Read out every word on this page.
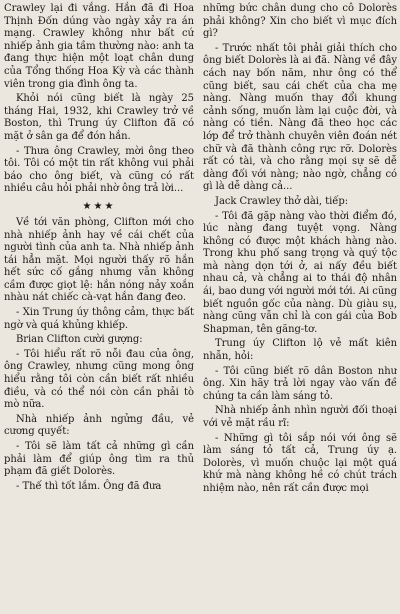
Crawley lại đi vắng. Hắn đã đi Hoa Thịnh Đốn dúng vào ngày xảy ra án mạng. Crawley không như bất cứ nhiếp ảnh gia tầm thường nào: anh ta đang thực hiện một loạt chân dung của Tổng thống Hoa Kỳ và các thành viên trong gia đình ông ta.

Khỏi nói cũng biết là ngày 25 tháng Hai, 1932, khi Crawley trở về Boston, thì Trung úy Clifton đã có mặt ở sân ga để đón hắn.

- Thưa ông Crawley, mời ông theo tôi. Tôi có một tin rất không vui phải báo cho ông biết, và cũng có rất nhiều câu hỏi phải nhờ ông trả lời...

★★★

Về tới văn phòng, Clifton mới cho nhà nhiếp ảnh hay về cái chết của người tình của anh ta. Nhà nhiếp ảnh tái hẳn mặt. Mọi người thấy rõ hắn hết sức cố gắng nhưng vẫn không cầm được giọt lệ: hắn nóng nảy xoắn nhàu nát chiếc cà-vạt hắn đang đeo.

- Xin Trung úy thông cảm, thực bất ngờ và quá khủng khiếp.

Brian Clifton cười gượng:

- Tôi hiểu rất rõ nỗi đau của ông, ông Crawley, nhưng cũng mong ông hiểu rằng tôi còn cần biết rất nhiều điều, và có thể nói còn cần phải tò mò nữa.

Nhà nhiếp ảnh ngửng đầu, vẻ cương quyết:

- Tôi sẽ làm tất cả những gì cần phải làm để giúp ông tìm ra thủ phạm đã giết Dolorès.

- Thế thì tốt lắm. Ông đã đưa

những bức chân dung cho cô Dolorès phải không? Xin cho biết vì mục đích gì?

- Trước nhất tôi phải giải thích cho ông biết Dolorès là ai đã. Nàng về đây cách nay bốn năm, như ông có thể cũng biết, sau cái chết của cha mẹ nàng. Nàng muốn thay đổi khung cảnh sống, muốn làm lại cuộc đời, và nàng có tiền. Nàng đã theo học các lớp để trở thành chuyên viên đoán nét chữ và đã thành công rực rỡ. Dolorès rất có tài, và cho rằng mọi sự sẽ dễ dàng đối với nàng; nào ngờ, chẳng có gì là dễ dàng cả...

Jack Crawley thở dài, tiếp:

- Tôi đã gặp nàng vào thời điểm đó, lúc nàng đang tuyệt vọng. Nàng không có được một khách hàng nào. Trong khu phố sang trọng và quý tộc mà nàng dọn tới ở, ai nấy đều biết nhau cả, và chẳng ai to thái độ nhân ái, bao dung với người mới tới. Ai cũng biết nguồn gốc của nàng. Dù giàu sụ, nàng cũng vẫn chỉ là con gái của Bob Shapman, tên găng-tơ.

Trung úy Clifton lộ vẻ mất kiên nhẫn, hỏi:

- Tôi cũng biết rõ dân Boston như ông. Xin hãy trả lời ngay vào vấn đề chúng ta cần làm sáng tỏ.

Nhà nhiếp ảnh nhìn người đối thoại với vẻ mặt rầu rĩ:

- Những gì tôi sắp nói với ông sẽ làm sáng tỏ tất cả, Trung úy ạ. Dolorès, vì muốn chuộc lại một quá khứ mà nàng không hề có chút trách nhiệm nào, nên rất cần được mọi
